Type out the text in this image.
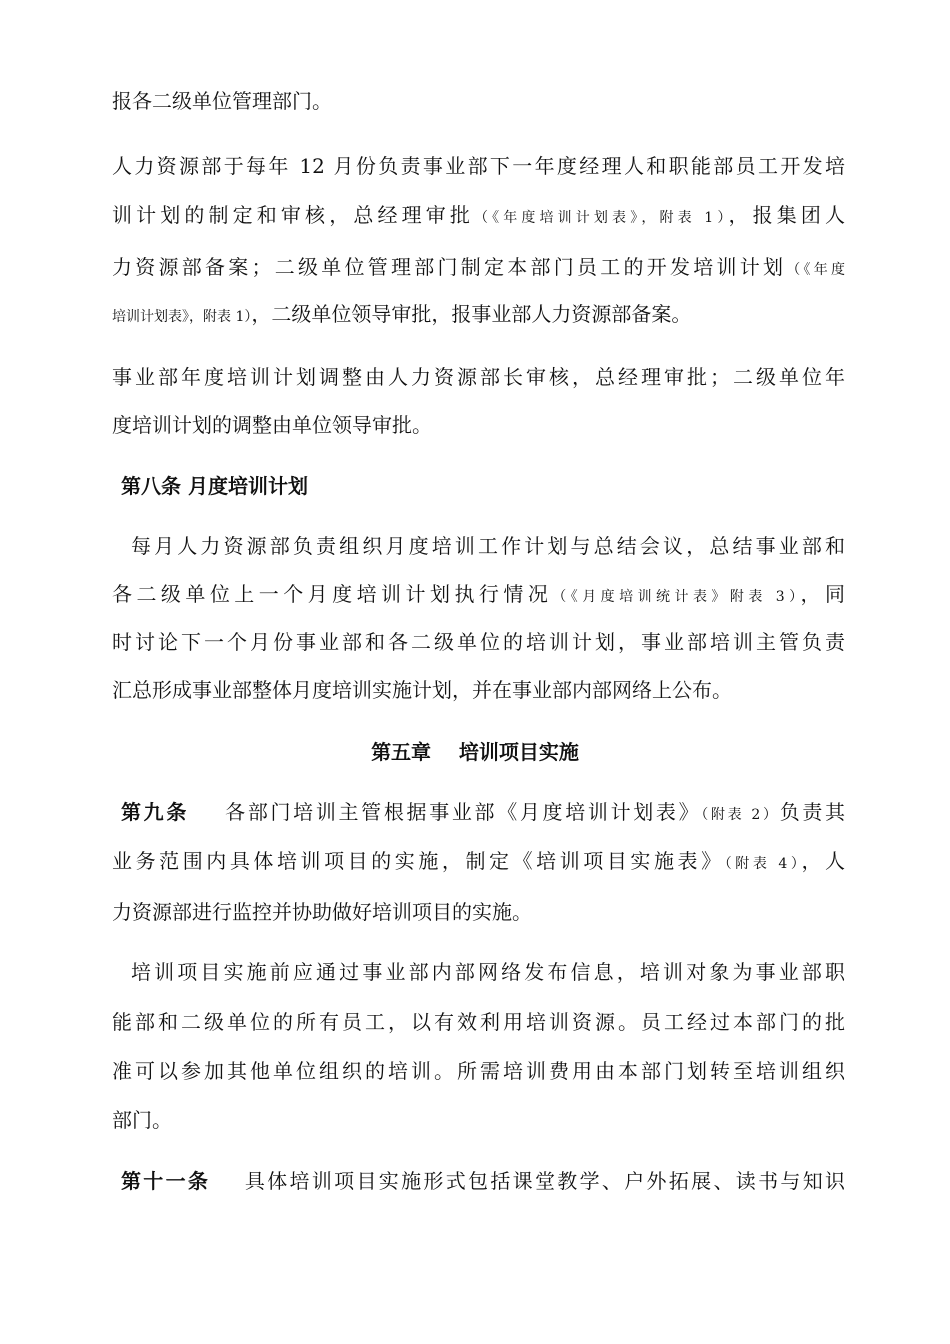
报各二级单位管理部门。
人力资源部于每年 12 月份负责事业部下一年度经理人和职能部员工开发培
训计划的制定和审核，总经理审批（《年度培训计划表》，附表 1），报集团人
力资源部备案；二级单位管理部门制定本部门员工的开发培训计划（《年度
培训计划表》，附表 1），二级单位领导审批，报事业部人力资源部备案。
事业部年度培训计划调整由人力资源部长审核，总经理审批；二级单位年
度培训计划的调整由单位领导审批。
第八条 月度培训计划
每月人力资源部负责组织月度培训工作计划与总结会议，总结事业部和
各二级单位上一个月度培训计划执行情况（《月度培训统计表》附表 3），同
时讨论下一个月份事业部和各二级单位的培训计划，事业部培训主管负责
汇总形成事业部整体月度培训实施计划，并在事业部内部网络上公布。
第五章    培训项目实施
第九条    各部门培训主管根据事业部《月度培训计划表》（附表 2）负责其
业务范围内具体培训项目的实施，制定《培训项目实施表》（附表 4），人
力资源部进行监控并协助做好培训项目的实施。
培训项目实施前应通过事业部内部网络发布信息，培训对象为事业部职
能部和二级单位的所有员工，以有效利用培训资源。员工经过本部门的批
准可以参加其他单位组织的培训。所需培训费用由本部门划转至培训组织
部门。
第十一条    具体培训项目实施形式包括课堂教学、户外拓展、读书与知识
